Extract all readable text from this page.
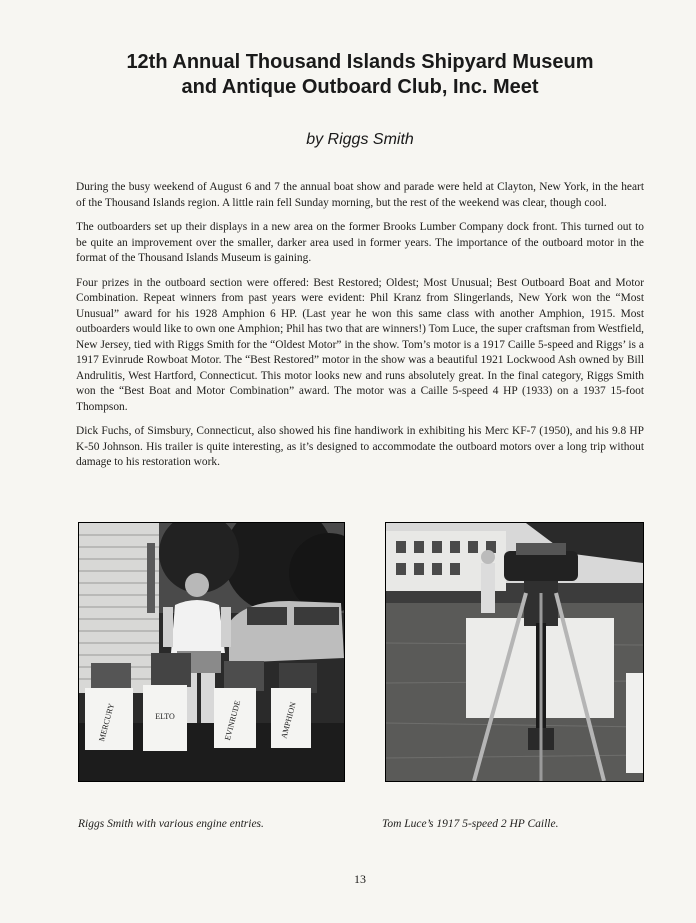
12th Annual Thousand Islands Shipyard Museum
and Antique Outboard Club, Inc. Meet
by Riggs Smith

During the busy weekend of August 6 and 7 the annual boat show and parade were held at Clayton, New York, in the heart of the Thousand Islands region. A little rain fell Sunday morning, but the rest of the weekend was clear, though cool.

The outboarders set up their displays in a new area on the former Brooks Lumber Company dock front. This turned out to be quite an improvement over the smaller, darker area used in former years. The importance of the outboard motor in the format of the Thousand Islands Museum is gaining.

Four prizes in the outboard section were offered: Best Restored; Oldest; Most Unusual; Best Outboard Boat and Motor Combination. Repeat winners from past years were evident: Phil Kranz from Slingerlands, New York won the “Most Unusual” award for his 1928 Amphion 6 HP. (Last year he won this same class with another Amphion, 1915. Most outboarders would like to own one Amphion; Phil has two that are winners!) Tom Luce, the super craftsman from Westfield, New Jersey, tied with Riggs Smith for the “Oldest Motor” in the show. Tom’s motor is a 1917 Caille 5-speed and Riggs’ is a 1917 Evinrude Rowboat Motor. The “Best Restored” motor in the show was a beautiful 1921 Lockwood Ash owned by Bill Andrulitis, West Hartford, Connecticut. This motor looks new and runs absolutely great. In the final category, Riggs Smith won the “Best Boat and Motor Combination” award. The motor was a Caille 5-speed 4 HP (1933) on a 1937 15-foot Thompson.

Dick Fuchs, of Simsbury, Connecticut, also showed his fine handiwork in exhibiting his Merc KF-7 (1950), and his 9.8 HP K-50 Johnson. His trailer is quite interesting, as it’s designed to accommodate the outboard motors over a long trip without damage to his restoration work.

MERCURY	ELTO	EVINRUDE	AMPHION
Riggs Smith with various engine entries.	Tom Luce’s 1917 5-speed 2 HP Caille.
13
